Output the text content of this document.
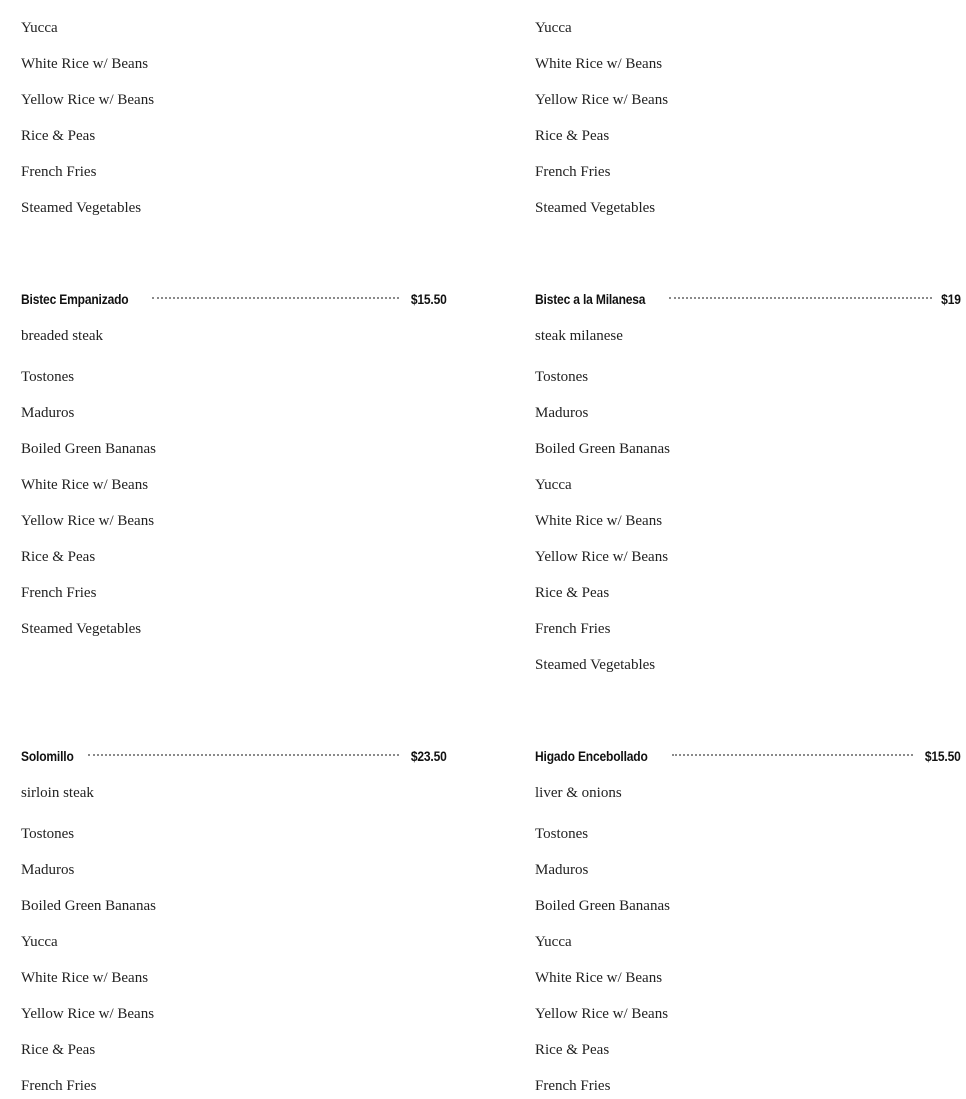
Yucca
White Rice w/ Beans
Yellow Rice w/ Beans
Rice & Peas
French Fries
Steamed Vegetables
Bistec Empanizado	$15.50
breaded steak
Tostones
Maduros
Boiled Green Bananas
White Rice w/ Beans
Yellow Rice w/ Beans
Rice & Peas
French Fries
Steamed Vegetables
Solomillo	$23.50
sirloin steak
Tostones
Maduros
Boiled Green Bananas
Yucca
White Rice w/ Beans
Yellow Rice w/ Beans
Rice & Peas
French Fries
Yucca
White Rice w/ Beans
Yellow Rice w/ Beans
Rice & Peas
French Fries
Steamed Vegetables
Bistec a la Milanesa	$19
steak milanese
Tostones
Maduros
Boiled Green Bananas
Yucca
White Rice w/ Beans
Yellow Rice w/ Beans
Rice & Peas
French Fries
Steamed Vegetables
Higado Encebollado	$15.50
liver & onions
Tostones
Maduros
Boiled Green Bananas
Yucca
White Rice w/ Beans
Yellow Rice w/ Beans
Rice & Peas
French Fries
